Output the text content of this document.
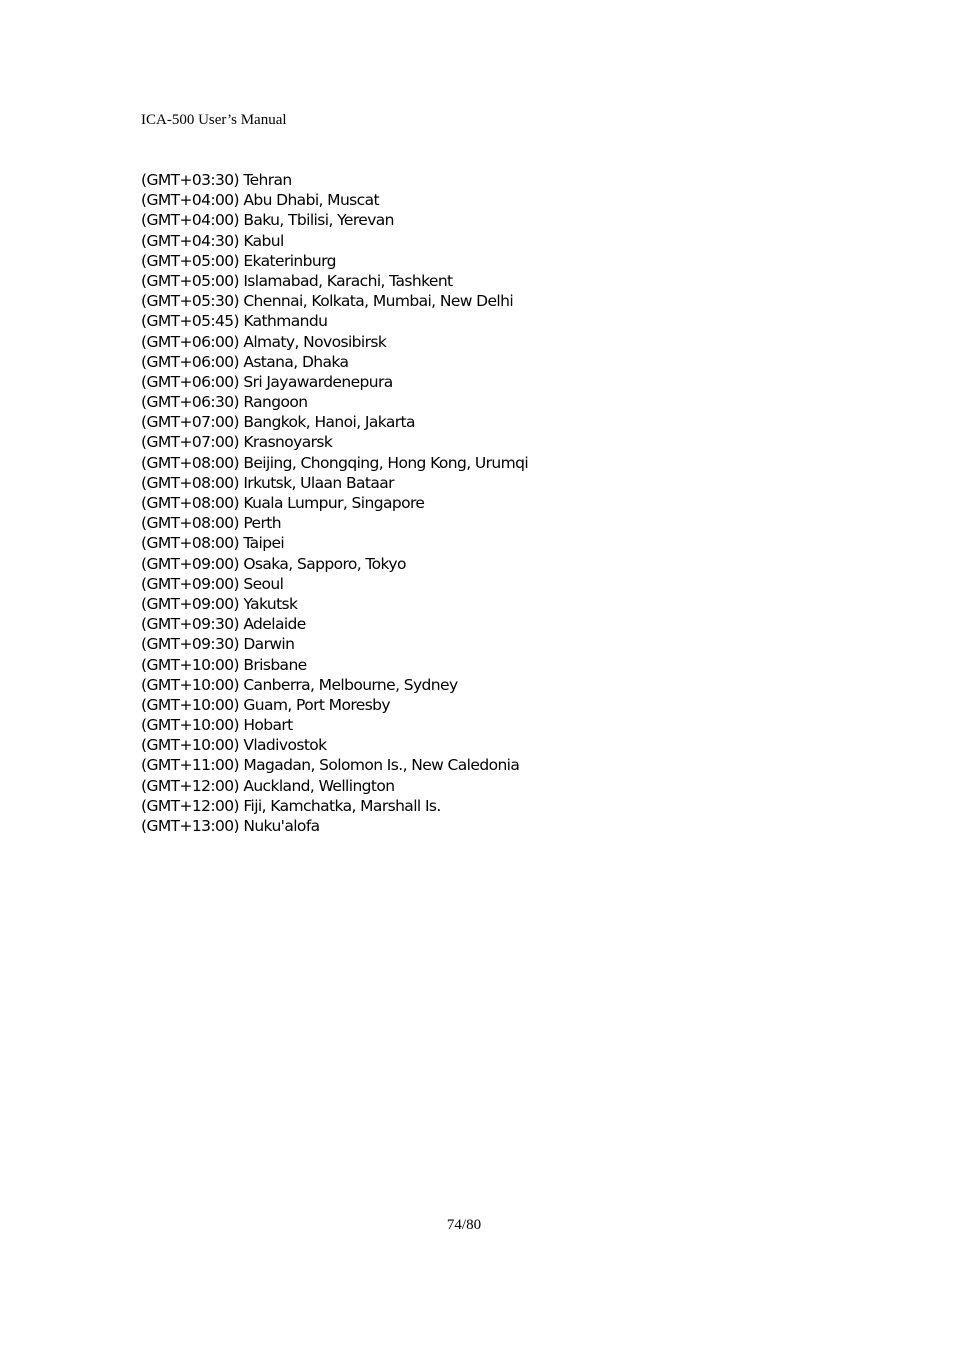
ICA-500 User’s Manual
(GMT+03:30) Tehran
(GMT+04:00) Abu Dhabi, Muscat
(GMT+04:00) Baku, Tbilisi, Yerevan
(GMT+04:30) Kabul
(GMT+05:00) Ekaterinburg
(GMT+05:00) Islamabad, Karachi, Tashkent
(GMT+05:30) Chennai, Kolkata, Mumbai, New Delhi
(GMT+05:45) Kathmandu
(GMT+06:00) Almaty, Novosibirsk
(GMT+06:00) Astana, Dhaka
(GMT+06:00) Sri Jayawardenepura
(GMT+06:30) Rangoon
(GMT+07:00) Bangkok, Hanoi, Jakarta
(GMT+07:00) Krasnoyarsk
(GMT+08:00) Beijing, Chongqing, Hong Kong, Urumqi
(GMT+08:00) Irkutsk, Ulaan Bataar
(GMT+08:00) Kuala Lumpur, Singapore
(GMT+08:00) Perth
(GMT+08:00) Taipei
(GMT+09:00) Osaka, Sapporo, Tokyo
(GMT+09:00) Seoul
(GMT+09:00) Yakutsk
(GMT+09:30) Adelaide
(GMT+09:30) Darwin
(GMT+10:00) Brisbane
(GMT+10:00) Canberra, Melbourne, Sydney
(GMT+10:00) Guam, Port Moresby
(GMT+10:00) Hobart
(GMT+10:00) Vladivostok
(GMT+11:00) Magadan, Solomon Is., New Caledonia
(GMT+12:00) Auckland, Wellington
(GMT+12:00) Fiji, Kamchatka, Marshall Is.
(GMT+13:00) Nuku'alofa
74/80
